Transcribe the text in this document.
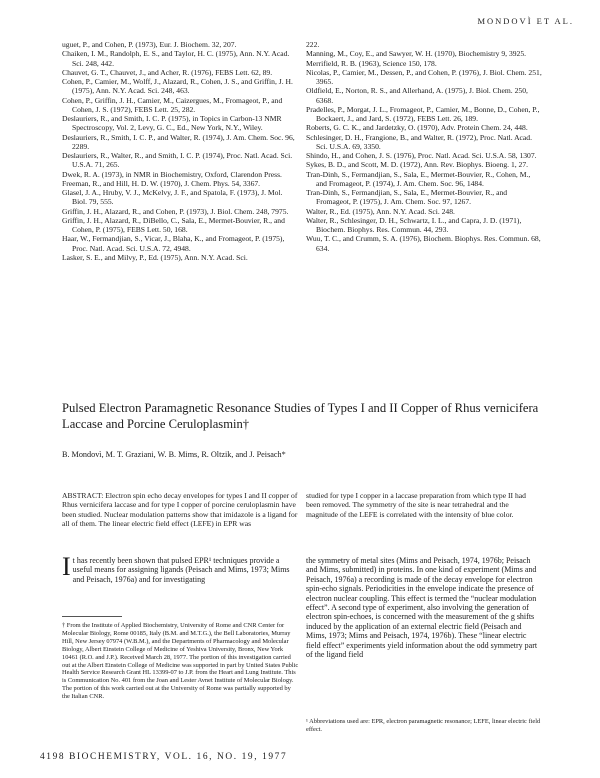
MONDOVÌ ET AL.

uguet, P., and Cohen, P. (1973), Eur. J. Biochem. 32, 207.

Chaiken, I. M., Randolph, E. S., and Taylor, H. C. (1975), Ann. N.Y. Acad. Sci. 248, 442.

Chauvet, G. T., Chauvet, J., and Acher, R. (1976), FEBS Lett. 62, 89.

Cohen, P., Camier, M., Wolff, J., Alazard, R., Cohen, J. S., and Griffin, J. H. (1975), Ann. N.Y. Acad. Sci. 248, 463.

Cohen, P., Griffin, J. H., Camier, M., Caizergues, M., Fromageot, P., and Cohen, J. S. (1972), FEBS Lett. 25, 282.

Deslauriers, R., and Smith, I. C. P. (1975), in Topics in Carbon-13 NMR Spectroscopy, Vol. 2, Levy, G. C., Ed., New York, N.Y., Wiley.

Deslauriers, R., Smith, I. C. P., and Walter, R. (1974), J. Am. Chem. Soc. 96, 2289.

Deslauriers, R., Walter, R., and Smith, I. C. P. (1974), Proc. Natl. Acad. Sci. U.S.A. 71, 265.

Dwek, R. A. (1973), in NMR in Biochemistry, Oxford, Clarendon Press.

Freeman, R., and Hill, H. D. W. (1970), J. Chem. Phys. 54, 3367.

Glasel, J. A., Hruby, V. J., McKelvy, J. F., and Spatola, F. (1973), J. Mol. Biol. 79, 555.

Griffin, J. H., Alazard, R., and Cohen, P. (1973), J. Biol. Chem. 248, 7975.

Griffin, J. H., Alazard, R., DiBello, C., Sala, E., Mermet-Bouvier, R., and Cohen, P. (1975), FEBS Lett. 50, 168.

Haar, W., Fermandjian, S., Vicar, J., Blaha, K., and Fromageot, P. (1975), Proc. Natl. Acad. Sci. U.S.A. 72, 4948.

Lasker, S. E., and Milvy, P., Ed. (1975), Ann. N.Y. Acad. Sci.

222.

Manning, M., Coy, E., and Sawyer, W. H. (1970), Biochemistry 9, 3925.

Merrifield, R. B. (1963), Science 150, 178.

Nicolas, P., Camier, M., Dessen, P., and Cohen, P. (1976), J. Biol. Chem. 251, 3965.

Oldfield, E., Norton, R. S., and Allerhand, A. (1975), J. Biol. Chem. 250, 6368.

Pradelles, P., Morgat, J. L., Fromageot, P., Camier, M., Bonne, D., Cohen, P., Bockaert, J., and Jard, S. (1972), FEBS Lett. 26, 189.

Roberts, G. C. K., and Jardetzky, O. (1970), Adv. Protein Chem. 24, 448.

Schlesinger, D. H., Frangione, B., and Walter, R. (1972), Proc. Natl. Acad. Sci. U.S.A. 69, 3350.

Shindo, H., and Cohen, J. S. (1976), Proc. Natl. Acad. Sci. U.S.A. 58, 1307.

Sykes, B. D., and Scott, M. D. (1972), Ann. Rev. Biophys. Bioeng. 1, 27.

Tran-Dinh, S., Fermandjian, S., Sala, E., Mermet-Bouvier, R., Cohen, M., and Fromageot, P. (1974), J. Am. Chem. Soc. 96, 1484.

Tran-Dinh, S., Fermandjian, S., Sala, E., Mermet-Bouvier, R., and Fromageot, P. (1975), J. Am. Chem. Soc. 97, 1267.

Walter, R., Ed. (1975), Ann. N.Y. Acad. Sci. 248.

Walter, R., Schlesinger, D. H., Schwartz, I. L., and Capra, J. D. (1971), Biochem. Biophys. Res. Commun. 44, 293.

Wuu, T. C., and Crumm, S. A. (1976), Biochem. Biophys. Res. Commun. 68, 634.

Pulsed Electron Paramagnetic Resonance Studies of Types I and II Copper of Rhus vernicifera Laccase and Porcine Ceruloplasmin†
B. Mondovì, M. T. Graziani, W. B. Mims, R. Oltzik, and J. Peisach*
ABSTRACT: Electron spin echo decay envelopes for types I and II copper of Rhus vernicifera laccase and for type I copper of porcine ceruloplasmin have been studied. Nuclear modulation patterns show that imidazole is a ligand for all of them. The linear electric field effect (LEFE) in EPR was
studied for type I copper in a laccase preparation from which type II had been removed. The symmetry of the site is near tetrahedral and the magnitude of the LEFE is correlated with the intensity of blue color.
It has recently been shown that pulsed EPR¹ techniques provide a useful means for assigning ligands (Peisach and Mims, 1973; Mims and Peisach, 1976a) and for investigating
† From the Institute of Applied Biochemistry, University of Rome and CNR Center for Molecular Biology, Rome 00185, Italy (B.M. and M.T.G.), the Bell Laboratories, Murray Hill, New Jersey 07974 (W.B.M.), and the Departments of Pharmacology and Molecular Biology, Albert Einstein College of Medicine of Yeshiva University, Bronx, New York 10461 (R.O. and J.P.). Received March 28, 1977. The portion of this investigation carried out at the Albert Einstein College of Medicine was supported in part by United States Public Health Service Research Grant HL 13399-07 to J.P. from the Heart and Lung Institute. This is Communication No. 401 from the Joan and Lester Avnet Institute of Molecular Biology. The portion of this work carried out at the University of Rome was partially supported by the Italian CNR.
the symmetry of metal sites (Mims and Peisach, 1974, 1976b; Peisach and Mims, submitted) in proteins. In one kind of experiment (Mims and Peisach, 1976a) a recording is made of the decay envelope for electron spin-echo signals. Periodicities in the envelope indicate the presence of electron nuclear coupling. This effect is termed the “nuclear modulation effect”. A second type of experiment, also involving the generation of electron spin-echoes, is concerned with the measurement of the g shifts induced by the application of an external electric field (Peisach and Mims, 1973; Mims and Peisach, 1974, 1976b). These “linear electric field effect” experiments yield information about the odd symmetry part of the ligand field
¹ Abbreviations used are: EPR, electron paramagnetic resonance; LEFE, linear electric field effect.
4198 BIOCHEMISTRY, VOL. 16, NO. 19, 1977
